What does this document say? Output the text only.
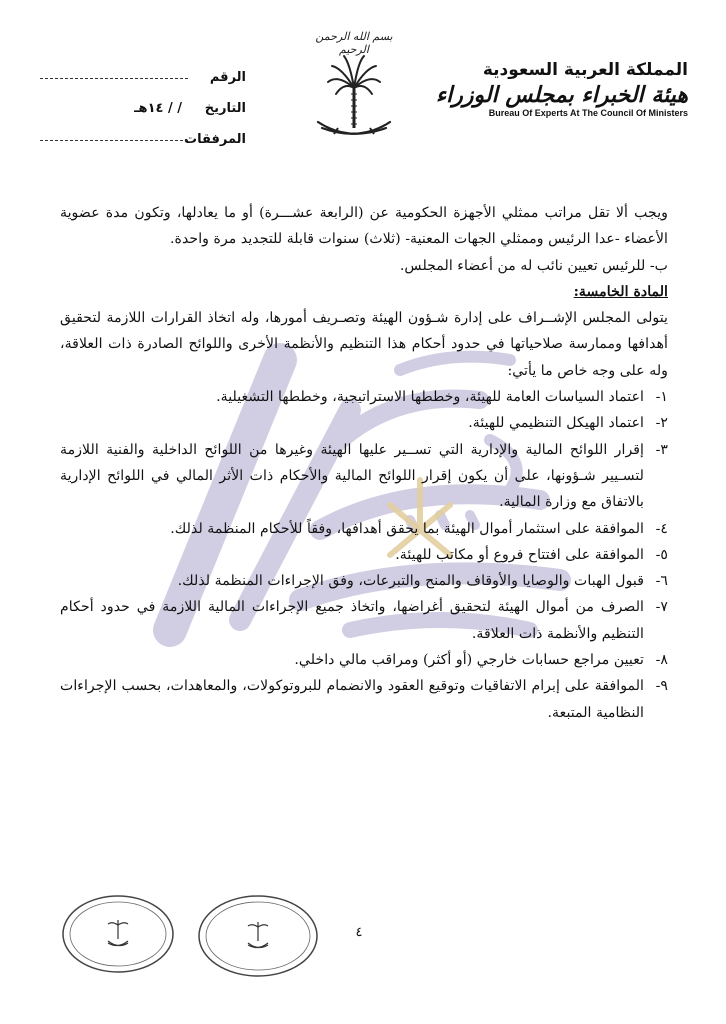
الرقم
التاريخ
/ / ١٤هـ
المرفقات
بسم الله الرحمن الرحيم
المملكة العربية السعودية
هيئة الخبراء بمجلس الوزراء
Bureau Of Experts At The Council Of Ministers

ويجب ألا تقل مراتب ممثلي الأجهزة الحكومية عن (الرابعة عشـــرة) أو ما يعادلها، وتكون مدة عضوية الأعضاء -عدا الرئيس وممثلي الجهات المعنية- (ثلاث) سنوات قابلة للتجديد مرة واحدة.

ب- للرئيس تعيين نائب له من أعضاء المجلس.

المادة الخامسة:

يتولى المجلس الإشــراف على إدارة شـؤون الهيئة وتصـريف أمورها، وله اتخاذ القرارات اللازمة لتحقيق أهدافها وممارسة صلاحياتها في حدود أحكام هذا التنظيم والأنظمة الأخرى واللوائح الصادرة ذات العلاقة، وله على وجه خاص ما يأتي:

١-
اعتماد السياسات العامة للهيئة، وخططها الاستراتيجية، وخططها التشغيلية.
٢-
اعتماد الهيكل التنظيمي للهيئة.
٣-
إقرار اللوائح المالية والإدارية التي تســير عليها الهيئة وغيرها من اللوائح الداخلية والفنية اللازمة لتسـيير شـؤونها، على أن يكون إقرار اللوائح المالية والأحكام ذات الأثر المالي في اللوائح الإدارية بالاتفاق مع وزارة المالية.
٤-
الموافقة على استثمار أموال الهيئة بما يحقق أهدافها، وفقاً للأحكام المنظمة لذلك.
٥-
الموافقة على افتتاح فروع أو مكاتب للهيئة.
٦-
قبول الهبات والوصايا والأوقاف والمنح والتبرعات، وفق الإجراءات المنظمة لذلك.
٧-
الصرف من أموال الهيئة لتحقيق أغراضها، واتخاذ جميع الإجراءات المالية اللازمة في حدود أحكام التنظيم والأنظمة ذات العلاقة.
٨-
تعيين مراجع حسابات خارجي (أو أكثر) ومراقب مالي داخلي.
٩-
الموافقة على إبرام الاتفاقيات وتوقيع العقود والانضمام للبروتوكولات، والمعاهدات، بحسب الإجراءات النظامية المتبعة.
٤
